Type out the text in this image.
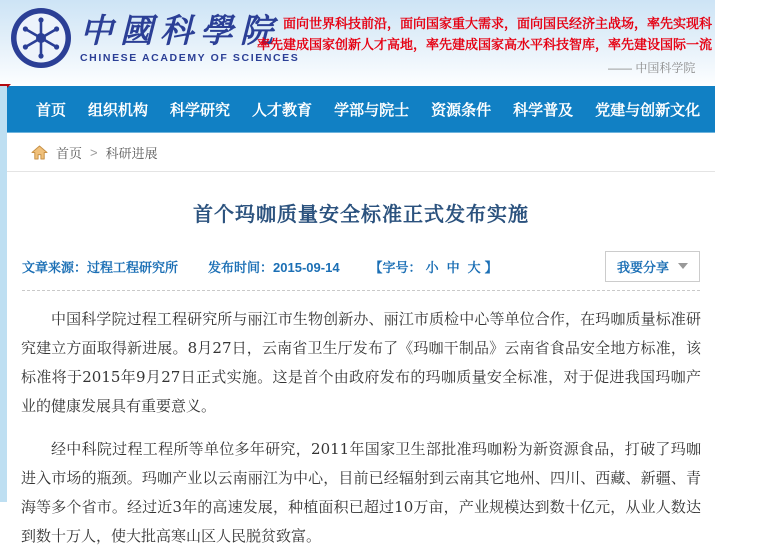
中國科學院
CHINESE ACADEMY OF SCIENCES
面向世界科技前沿，面向国家重大需求，面向国民经济主战场，率先实现科
率先建成国家创新人才高地，率先建成国家高水平科技智库，率先建设国际一流
—— 中国科学院
首页 组织机构 科学研究 人才教育 学部与院士 资源条件 科学普及 党建与创新文化 信息公开
首页 > 科研进展
首个玛咖质量安全标准正式发布实施
文章来源：过程工程研究所 发布时间：2015-09-14 【字号： 小 中 大 】	我要分享

中国科学院过程工程研究所与丽江市生物创新办、丽江市质检中心等单位合作，在玛咖质量标准研究建立方面取得新进展。8月27日，云南省卫生厅发布了《玛咖干制品》云南省食品安全地方标准，该标准将于2015年9月27日正式实施。这是首个由政府发布的玛咖质量安全标准，对于促进我国玛咖产业的健康发展具有重要意义。

经中科院过程工程所等单位多年研究，2011年国家卫生部批准玛咖粉为新资源食品，打破了玛咖进入市场的瓶颈。玛咖产业以云南丽江为中心，目前已经辐射到云南其它地州、四川、西藏、新疆、青海等多个省市。经过近3年的高速发展，种植面积已超过10万亩，产业规模达到数十亿元，从业人数达到数十万人，使大批高寒山区人民脱贫致富。
